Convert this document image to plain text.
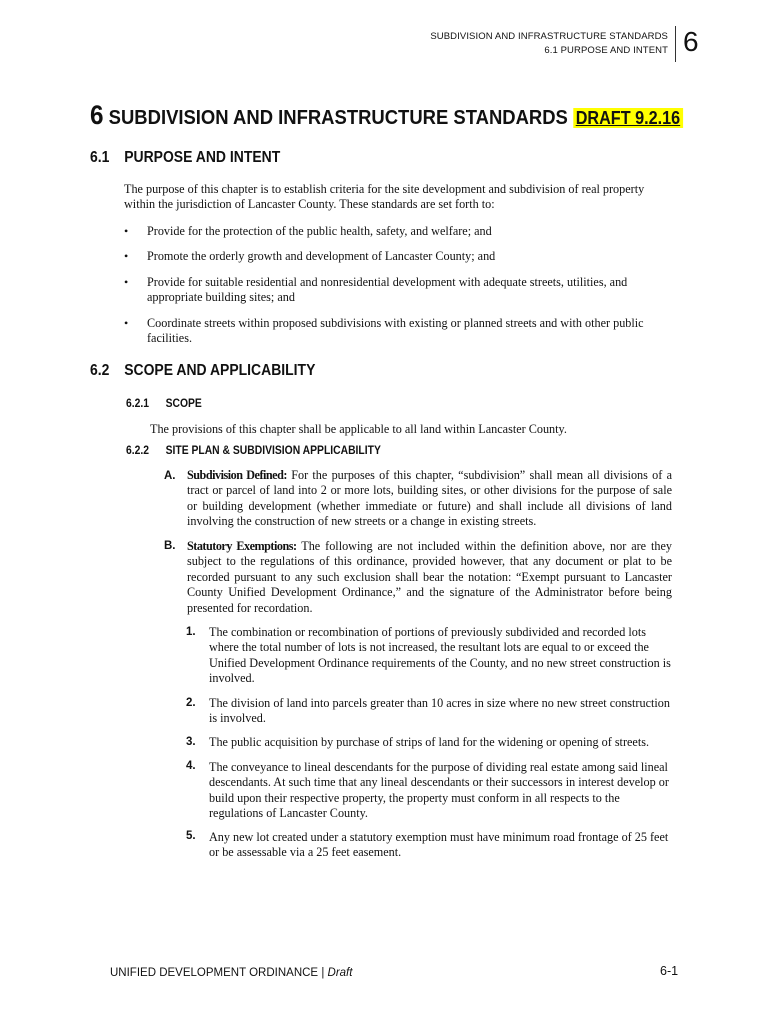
SUBDIVISION AND INFRASTRUCTURE STANDARDS
6.1 PURPOSE AND INTENT 6
6 SUBDIVISION AND INFRASTRUCTURE STANDARDS DRAFT 9.2.16
6.1 PURPOSE AND INTENT
The purpose of this chapter is to establish criteria for the site development and subdivision of real property within the jurisdiction of Lancaster County. These standards are set forth to:
• Provide for the protection of the public health, safety, and welfare; and
• Promote the orderly growth and development of Lancaster County; and
• Provide for suitable residential and nonresidential development with adequate streets, utilities, and appropriate building sites; and
• Coordinate streets within proposed subdivisions with existing or planned streets and with other public facilities.
6.2 SCOPE AND APPLICABILITY
6.2.1 SCOPE
The provisions of this chapter shall be applicable to all land within Lancaster County.
6.2.2 SITE PLAN & SUBDIVISION APPLICABILITY
A. Subdivision Defined: For the purposes of this chapter, “subdivision” shall mean all divisions of a tract or parcel of land into 2 or more lots, building sites, or other divisions for the purpose of sale or building development (whether immediate or future) and shall include all divisions of land involving the construction of new streets or a change in existing streets.
B. Statutory Exemptions: The following are not included within the definition above, nor are they subject to the regulations of this ordinance, provided however, that any document or plat to be recorded pursuant to any such exclusion shall bear the notation: “Exempt pursuant to Lancaster County Unified Development Ordinance,” and the signature of the Administrator before being presented for recordation.
1. The combination or recombination of portions of previously subdivided and recorded lots where the total number of lots is not increased, the resultant lots are equal to or exceed the Unified Development Ordinance requirements of the County, and no new street construction is involved.
2. The division of land into parcels greater than 10 acres in size where no new street construction is involved.
3. The public acquisition by purchase of strips of land for the widening or opening of streets.
4. The conveyance to lineal descendants for the purpose of dividing real estate among said lineal descendants. At such time that any lineal descendants or their successors in interest develop or build upon their respective property, the property must conform in all respects to the regulations of Lancaster County.
5. Any new lot created under a statutory exemption must have minimum road frontage of 25 feet or be assessable via a 25 feet easement.
UNIFIED DEVELOPMENT ORDINANCE | Draft	6-1
